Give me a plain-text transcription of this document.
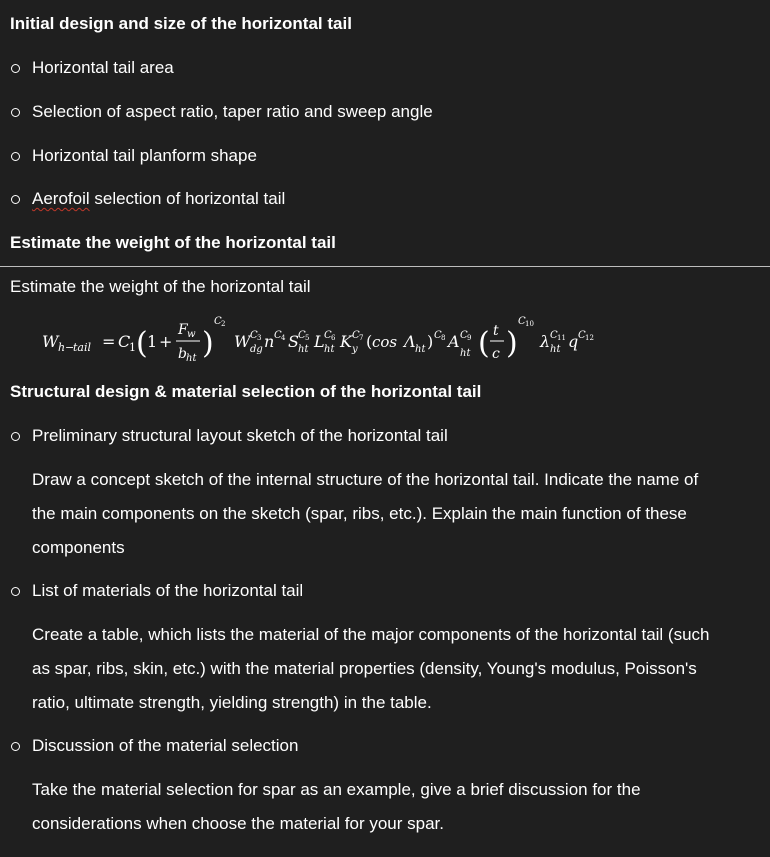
Initial design and size of the horizontal tail
Horizontal tail area
Selection of aspect ratio, taper ratio and sweep angle
Horizontal tail planform shape
Aerofoil selection of horizontal tail
Estimate the weight of the horizontal tail
Estimate the weight of the horizontal tail
W h −
tail = C
1 ( 1 +
F w
b ht )
C 2
W dg
C 3 n C 4 S ht
C 5 L ht
C 6 K y
C 7 ( cos Λ ht ) C 8 A
ht
C 9 ( t
c )
C 10
λ ht
C 11 q C 12
Structural design & material selection of the horizontal tail
Preliminary structural layout sketch of the horizontal tail
Draw a concept sketch of the internal structure of the horizontal tail. Indicate the name of the main components on the sketch (spar, ribs, etc.). Explain the main function of these components
List of materials of the horizontal tail
Create a table, which lists the material of the major components of the horizontal tail (such as spar, ribs, skin, etc.) with the material properties (density, Young's modulus, Poisson's ratio, ultimate strength, yielding strength) in the table.
Discussion of the material selection
Take the material selection for spar as an example, give a brief discussion for the considerations when choose the material for your spar.
